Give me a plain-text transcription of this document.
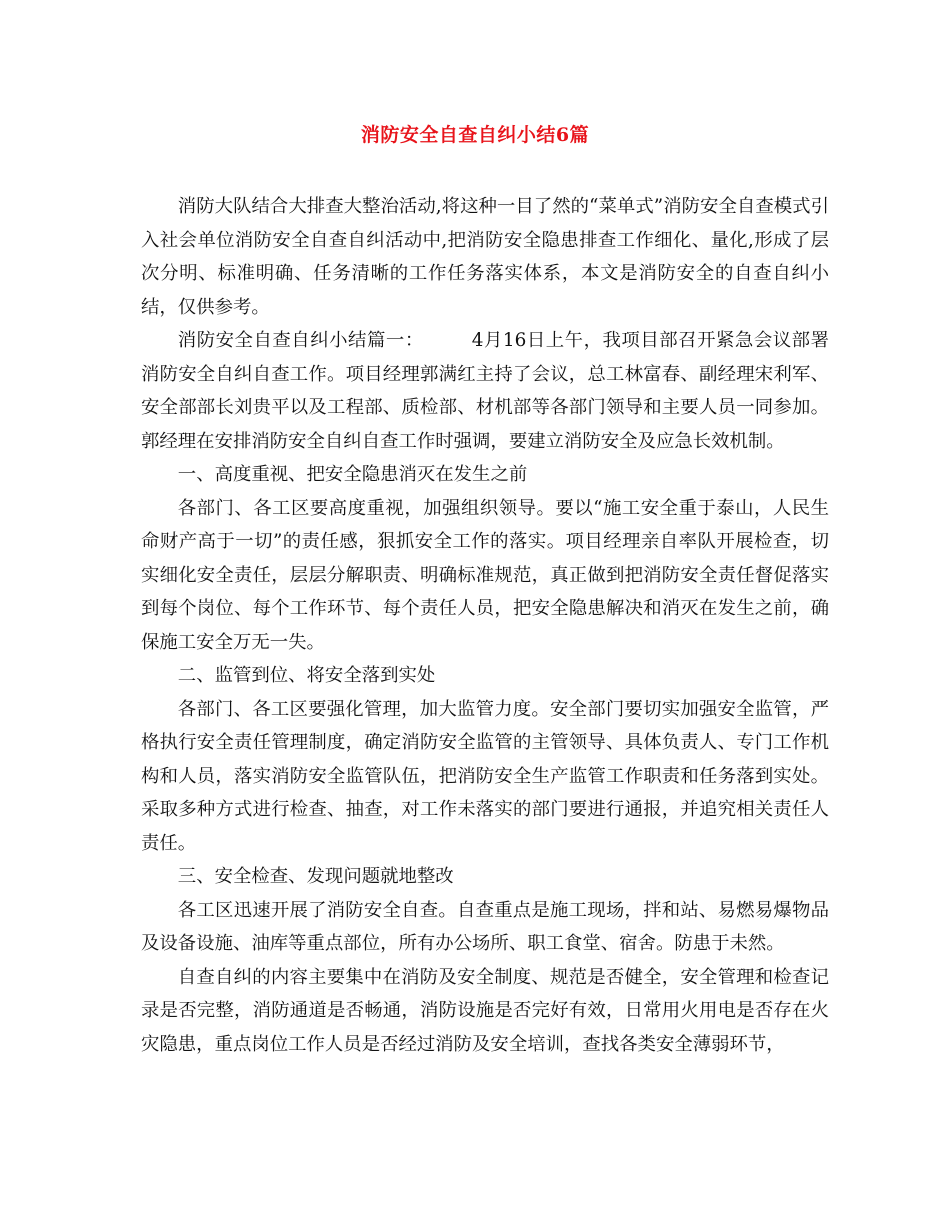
消防安全自查自纠小结6篇

消防大队结合大排查大整治活动,将这种一目了然的“菜单式”消防安全自查模式引入社会单位消防安全自查自纠活动中,把消防安全隐患排查工作细化、量化,形成了层次分明、标准明确、任务清晰的工作任务落实体系，本文是消防安全的自查自纠小结，仅供参考。

消防安全自查自纠小结篇一：	4月16日上午，我项目部召开紧急会议部署消防安全自纠自查工作。项目经理郭满红主持了会议，总工林富春、副经理宋利军、安全部部长刘贵平以及工程部、质检部、材机部等各部门领导和主要人员一同参加。郭经理在安排消防安全自纠自查工作时强调，要建立消防安全及应急长效机制。

一、高度重视、把安全隐患消灭在发生之前

各部门、各工区要高度重视，加强组织领导。要以“施工安全重于泰山，人民生命财产高于一切”的责任感，狠抓安全工作的落实。项目经理亲自率队开展检查，切实细化安全责任，层层分解职责、明确标准规范，真正做到把消防安全责任督促落实到每个岗位、每个工作环节、每个责任人员，把安全隐患解决和消灭在发生之前，确保施工安全万无一失。

二、监管到位、将安全落到实处

各部门、各工区要强化管理，加大监管力度。安全部门要切实加强安全监管，严格执行安全责任管理制度，确定消防安全监管的主管领导、具体负责人、专门工作机构和人员，落实消防安全监管队伍，把消防安全生产监管工作职责和任务落到实处。采取多种方式进行检查、抽查，对工作未落实的部门要进行通报，并追究相关责任人责任。

三、安全检查、发现问题就地整改

各工区迅速开展了消防安全自查。自查重点是施工现场，拌和站、易燃易爆物品及设备设施、油库等重点部位，所有办公场所、职工食堂、宿舍。防患于未然。

自查自纠的内容主要集中在消防及安全制度、规范是否健全，安全管理和检查记录是否完整，消防通道是否畅通，消防设施是否完好有效，日常用火用电是否存在火灾隐患，重点岗位工作人员是否经过消防及安全培训，查找各类安全薄弱环节，
